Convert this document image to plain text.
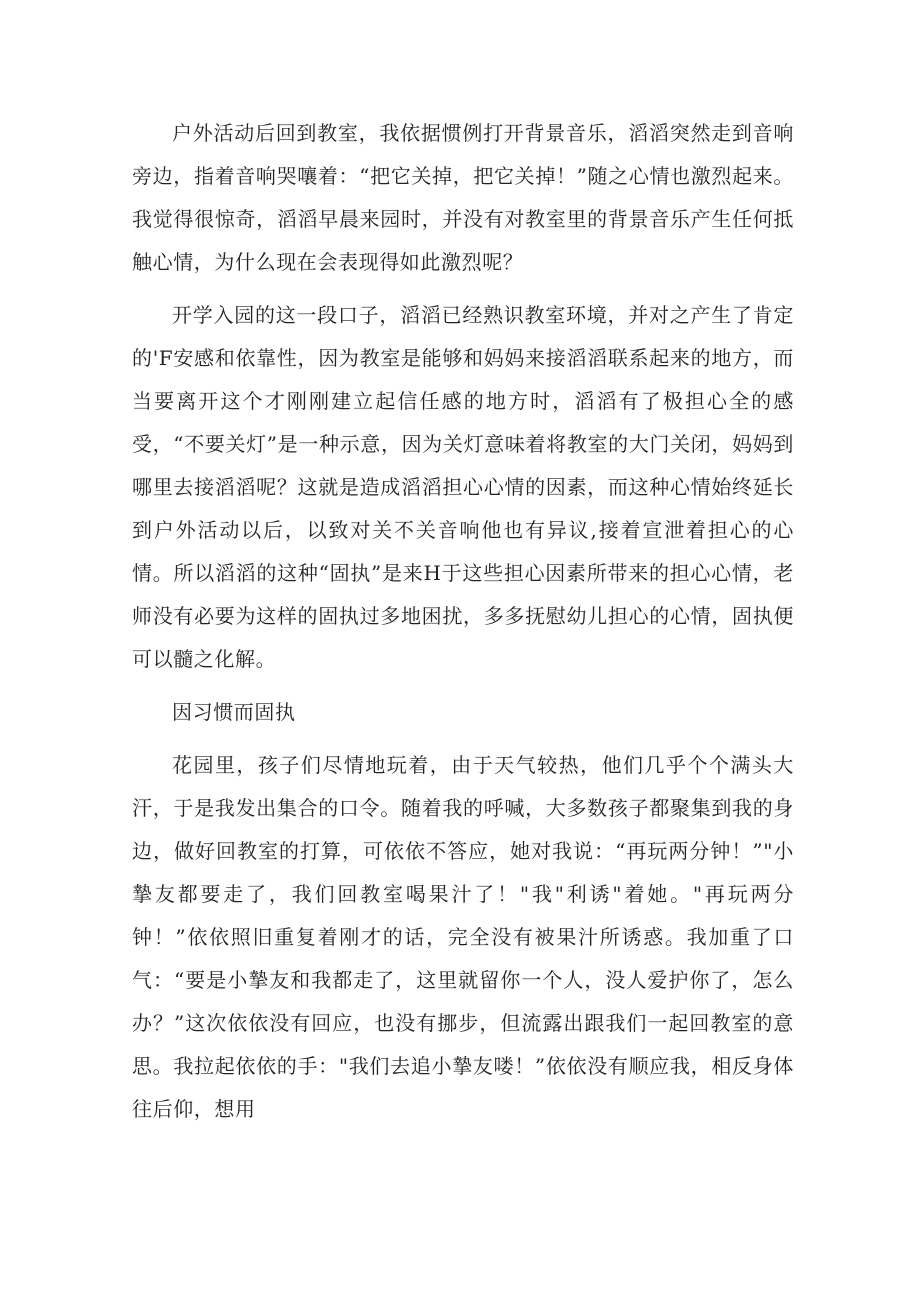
户外活动后回到教室，我依据惯例打开背景音乐，滔滔突然走到音响旁边，指着音响哭嚷着：“把它关掉，把它关掉！”随之心情也激烈起来。我觉得很惊奇，滔滔早晨来园时，并没有对教室里的背景音乐产生任何抵触心情，为什么现在会表现得如此激烈呢？

开学入园的这一段口子，滔滔已经熟识教室环境，并对之产生了肯定的'F安感和依靠性，因为教室是能够和妈妈来接滔滔联系起来的地方，而当要离开这个才刚刚建立起信任感的地方时，滔滔有了极担心全的感受，“不要关灯”是一种示意，因为关灯意味着将教室的大门关闭，妈妈到哪里去接滔滔呢？这就是造成滔滔担心心情的因素，而这种心情始终延长到户外活动以后，以致对关不关音响他也有异议,接着宣泄着担心的心情。所以滔滔的这种“固执”是来H于这些担心因素所带来的担心心情，老师没有必要为这样的固执过多地困扰，多多抚慰幼儿担心的心情，固执便可以髓之化解。

因习惯而固执

花园里，孩子们尽情地玩着，由于天气较热，他们几乎个个满头大汗，于是我发出集合的口令。随着我的呼喊，大多数孩子都聚集到我的身边，做好回教室的打算，可依依不答应，她对我说：“再玩两分钟！”"小摯友都要走了，我们回教室喝果汁了！"我"利诱"着她。"再玩两分钟！”依依照旧重复着刚才的话，完全没有被果汁所诱惑。我加重了口气：“要是小摯友和我都走了，这里就留你一个人，没人爱护你了，怎么办？”这次依依没有回应，也没有挪步，但流露出跟我们一起回教室的意思。我拉起依依的手："我们去追小摯友喽！”依依没有顺应我，相反身体往后仰，想用
